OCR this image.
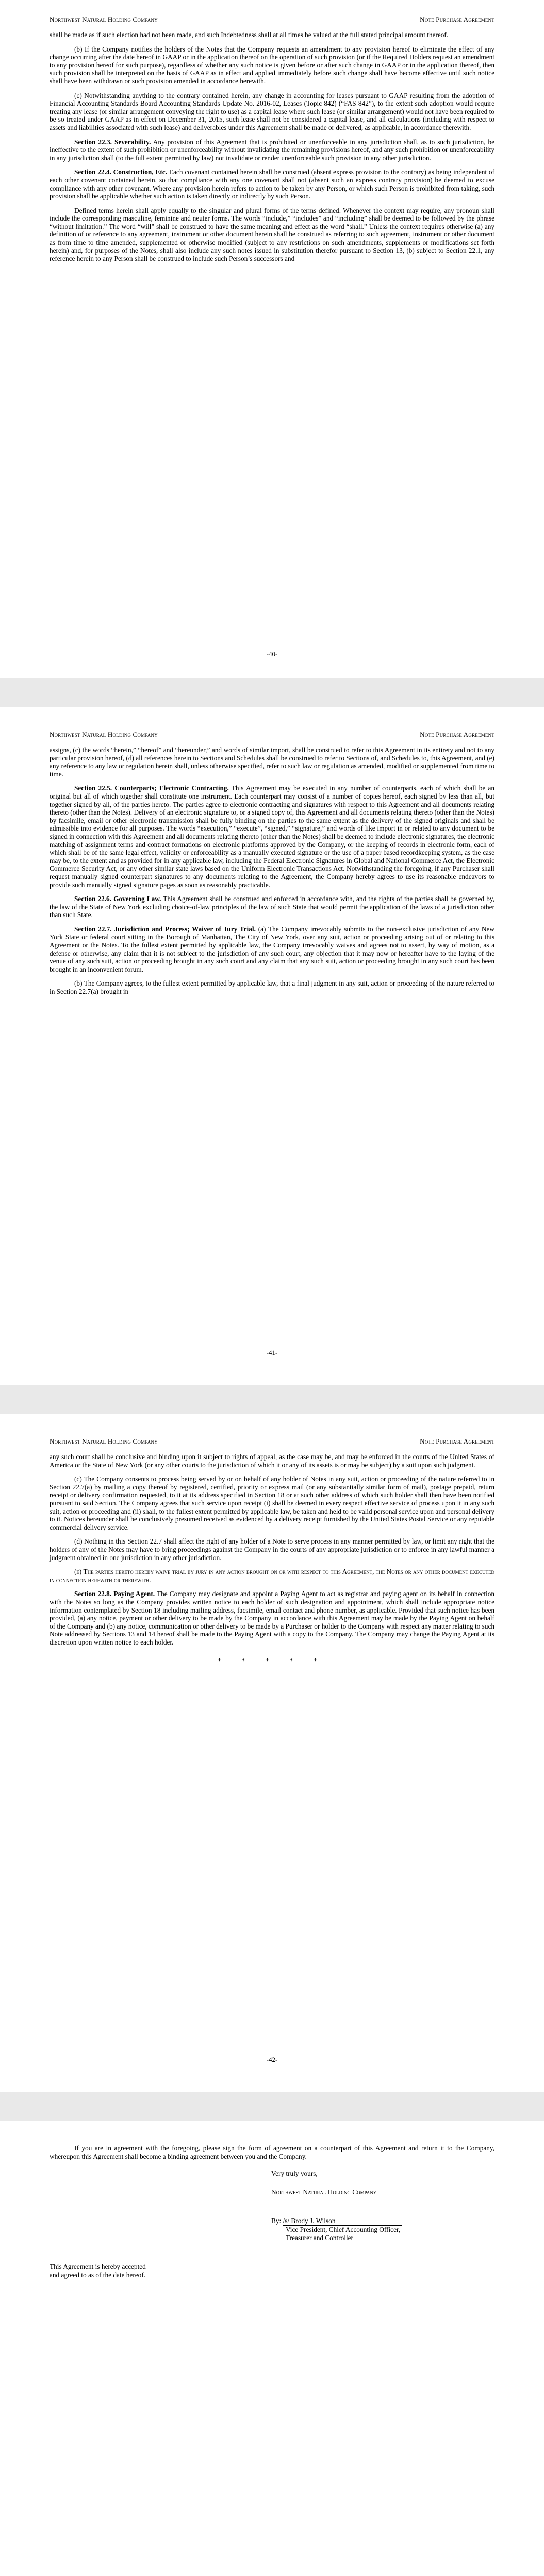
Northwest Natural Holding Company	Note Purchase Agreement

shall be made as if such election had not been made, and such Indebtedness shall at all times be valued at the full stated principal amount thereof.

(b) If the Company notifies the holders of the Notes that the Company requests an amendment to any provision hereof to eliminate the effect of any change occurring after the date hereof in GAAP or in the application thereof on the operation of such provision (or if the Required Holders request an amendment to any provision hereof for such purpose), regardless of whether any such notice is given before or after such change in GAAP or in the application thereof, then such provision shall be interpreted on the basis of GAAP as in effect and applied immediately before such change shall have become effective until such notice shall have been withdrawn or such provision amended in accordance herewith.

(c) Notwithstanding anything to the contrary contained herein, any change in accounting for leases pursuant to GAAP resulting from the adoption of Financial Accounting Standards Board Accounting Standards Update No. 2016-02, Leases (Topic 842) (“FAS 842”), to the extent such adoption would require treating any lease (or similar arrangement conveying the right to use) as a capital lease where such lease (or similar arrangement) would not have been required to be so treated under GAAP as in effect on December 31, 2015, such lease shall not be considered a capital lease, and all calculations (including with respect to assets and liabilities associated with such lease) and deliverables under this Agreement shall be made or delivered, as applicable, in accordance therewith.

Section 22.3. Severability. Any provision of this Agreement that is prohibited or unenforceable in any jurisdiction shall, as to such jurisdiction, be ineffective to the extent of such prohibition or unenforceability without invalidating the remaining provisions hereof, and any such prohibition or unenforceability in any jurisdiction shall (to the full extent permitted by law) not invalidate or render unenforceable such provision in any other jurisdiction.

Section 22.4. Construction, Etc. Each covenant contained herein shall be construed (absent express provision to the contrary) as being independent of each other covenant contained herein, so that compliance with any one covenant shall not (absent such an express contrary provision) be deemed to excuse compliance with any other covenant. Where any provision herein refers to action to be taken by any Person, or which such Person is prohibited from taking, such provision shall be applicable whether such action is taken directly or indirectly by such Person.

Defined terms herein shall apply equally to the singular and plural forms of the terms defined. Whenever the context may require, any pronoun shall include the corresponding masculine, feminine and neuter forms. The words “include,” “includes” and “including” shall be deemed to be followed by the phrase “without limitation.” The word “will” shall be construed to have the same meaning and effect as the word “shall.” Unless the context requires otherwise (a) any definition of or reference to any agreement, instrument or other document herein shall be construed as referring to such agreement, instrument or other document as from time to time amended, supplemented or otherwise modified (subject to any restrictions on such amendments, supplements or modifications set forth herein) and, for purposes of the Notes, shall also include any such notes issued in substitution therefor pursuant to Section 13, (b) subject to Section 22.1, any reference herein to any Person shall be construed to include such Person’s successors and

-40-
Northwest Natural Holding Company	Note Purchase Agreement

assigns, (c) the words “herein,” “hereof” and “hereunder,” and words of similar import, shall be construed to refer to this Agreement in its entirety and not to any particular provision hereof, (d) all references herein to Sections and Schedules shall be construed to refer to Sections of, and Schedules to, this Agreement, and (e) any reference to any law or regulation herein shall, unless otherwise specified, refer to such law or regulation as amended, modified or supplemented from time to time.

Section 22.5. Counterparts; Electronic Contracting. This Agreement may be executed in any number of counterparts, each of which shall be an original but all of which together shall constitute one instrument. Each counterpart may consist of a number of copies hereof, each signed by less than all, but together signed by all, of the parties hereto. The parties agree to electronic contracting and signatures with respect to this Agreement and all documents relating thereto (other than the Notes). Delivery of an electronic signature to, or a signed copy of, this Agreement and all documents relating thereto (other than the Notes) by facsimile, email or other electronic transmission shall be fully binding on the parties to the same extent as the delivery of the signed originals and shall be admissible into evidence for all purposes. The words “execution,” “execute”, “signed,” “signature,” and words of like import in or related to any document to be signed in connection with this Agreement and all documents relating thereto (other than the Notes) shall be deemed to include electronic signatures, the electronic matching of assignment terms and contract formations on electronic platforms approved by the Company, or the keeping of records in electronic form, each of which shall be of the same legal effect, validity or enforceability as a manually executed signature or the use of a paper based recordkeeping system, as the case may be, to the extent and as provided for in any applicable law, including the Federal Electronic Signatures in Global and National Commerce Act, the Electronic Commerce Security Act, or any other similar state laws based on the Uniform Electronic Transactions Act. Notwithstanding the foregoing, if any Purchaser shall request manually signed counterpart signatures to any documents relating to the Agreement, the Company hereby agrees to use its reasonable endeavors to provide such manually signed signature pages as soon as reasonably practicable.

Section 22.6. Governing Law. This Agreement shall be construed and enforced in accordance with, and the rights of the parties shall be governed by, the law of the State of New York excluding choice-of-law principles of the law of such State that would permit the application of the laws of a jurisdiction other than such State.

Section 22.7. Jurisdiction and Process; Waiver of Jury Trial. (a) The Company irrevocably submits to the non-exclusive jurisdiction of any New York State or federal court sitting in the Borough of Manhattan, The City of New York, over any suit, action or proceeding arising out of or relating to this Agreement or the Notes. To the fullest extent permitted by applicable law, the Company irrevocably waives and agrees not to assert, by way of motion, as a defense or otherwise, any claim that it is not subject to the jurisdiction of any such court, any objection that it may now or hereafter have to the laying of the venue of any such suit, action or proceeding brought in any such court and any claim that any such suit, action or proceeding brought in any such court has been brought in an inconvenient forum.

(b) The Company agrees, to the fullest extent permitted by applicable law, that a final judgment in any suit, action or proceeding of the nature referred to in Section 22.7(a) brought in

-41-
Northwest Natural Holding Company	Note Purchase Agreement

any such court shall be conclusive and binding upon it subject to rights of appeal, as the case may be, and may be enforced in the courts of the United States of America or the State of New York (or any other courts to the jurisdiction of which it or any of its assets is or may be subject) by a suit upon such judgment.

(c) The Company consents to process being served by or on behalf of any holder of Notes in any suit, action or proceeding of the nature referred to in Section 22.7(a) by mailing a copy thereof by registered, certified, priority or express mail (or any substantially similar form of mail), postage prepaid, return receipt or delivery confirmation requested, to it at its address specified in Section 18 or at such other address of which such holder shall then have been notified pursuant to said Section. The Company agrees that such service upon receipt (i) shall be deemed in every respect effective service of process upon it in any such suit, action or proceeding and (ii) shall, to the fullest extent permitted by applicable law, be taken and held to be valid personal service upon and personal delivery to it. Notices hereunder shall be conclusively presumed received as evidenced by a delivery receipt furnished by the United States Postal Service or any reputable commercial delivery service.

(d) Nothing in this Section 22.7 shall affect the right of any holder of a Note to serve process in any manner permitted by law, or limit any right that the holders of any of the Notes may have to bring proceedings against the Company in the courts of any appropriate jurisdiction or to enforce in any lawful manner a judgment obtained in one jurisdiction in any other jurisdiction.

(e) The parties hereto hereby waive trial by jury in any action brought on or with respect to this Agreement, the Notes or any other document executed in connection herewith or therewith.

Section 22.8. Paying Agent. The Company may designate and appoint a Paying Agent to act as registrar and paying agent on its behalf in connection with the Notes so long as the Company provides written notice to each holder of such designation and appointment, which shall include appropriate notice information contemplated by Section 18 including mailing address, facsimile, email contact and phone number, as applicable. Provided that such notice has been provided, (a) any notice, payment or other delivery to be made by the Company in accordance with this Agreement may be made by the Paying Agent on behalf of the Company and (b) any notice, communication or other delivery to be made by a Purchaser or holder to the Company with respect any matter relating to such Note addressed by Sections 13 and 14 hereof shall be made to the Paying Agent with a copy to the Company. The Company may change the Paying Agent at its discretion upon written notice to each holder.

* * * * *
-42-

If you are in agreement with the foregoing, please sign the form of agreement on a counterpart of this Agreement and return it to the Company, whereupon this Agreement shall become a binding agreement between you and the Company.

Very truly yours,
Northwest Natural Holding Company
By: /s/ Brody J. Wilson
Vice President, Chief Accounting Officer,
Treasurer and Controller
This Agreement is hereby accepted and agreed to as of the date hereof.
